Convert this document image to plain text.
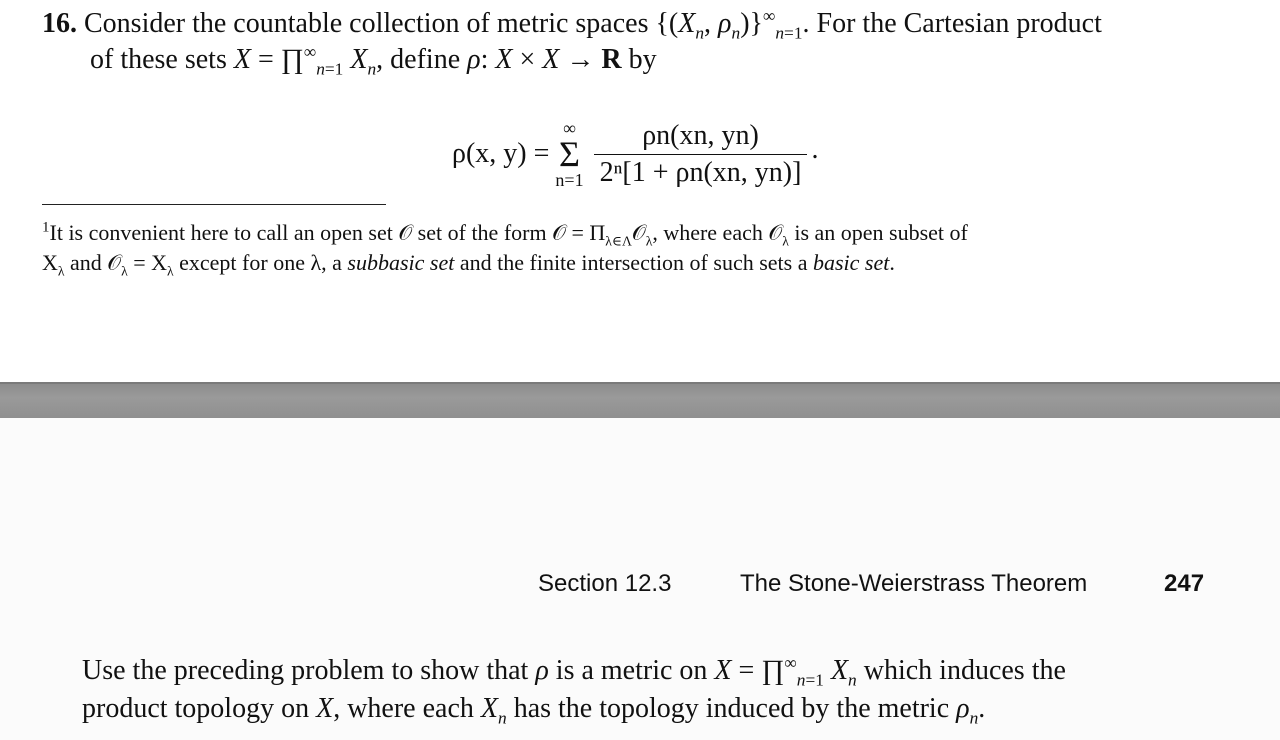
16. Consider the countable collection of metric spaces {($X_n$, $\rho_n)\}^\infty_{n=1}$. For the Cartesian product
of these sets $X = \prod^\infty_{n=1}$ $X_n$, define ρ: X × X → R by
ρ(x, y) =
∞
Σ
$n=1 \frac{\rho n(xn, yn)}{\text{2ⁿ[1 + ρn(xn, yn)]}}$ .
$^1$It is convenient here to call an open set 𝒪 set of the form 𝒪 = $\Pi_{\lambda\in\Lambda}𝒪_\lambda$, where each 𝒪$_\lambda$ is an open subset of
$X_\lambda$ and 𝒪$_\lambda$ = $X_\lambda$ except for one λ, a subbasic set and the finite intersection of such sets a basic set.
Section 12.3	The Stone-Weierstrass Theorem	247
Use the preceding problem to show that ρ is a metric on $X = \prod^\infty_{n=1}$ $X_n$ which induces the
product topology on X, where each $X_n$ has the topology induced by the metric $\rho_n$.
